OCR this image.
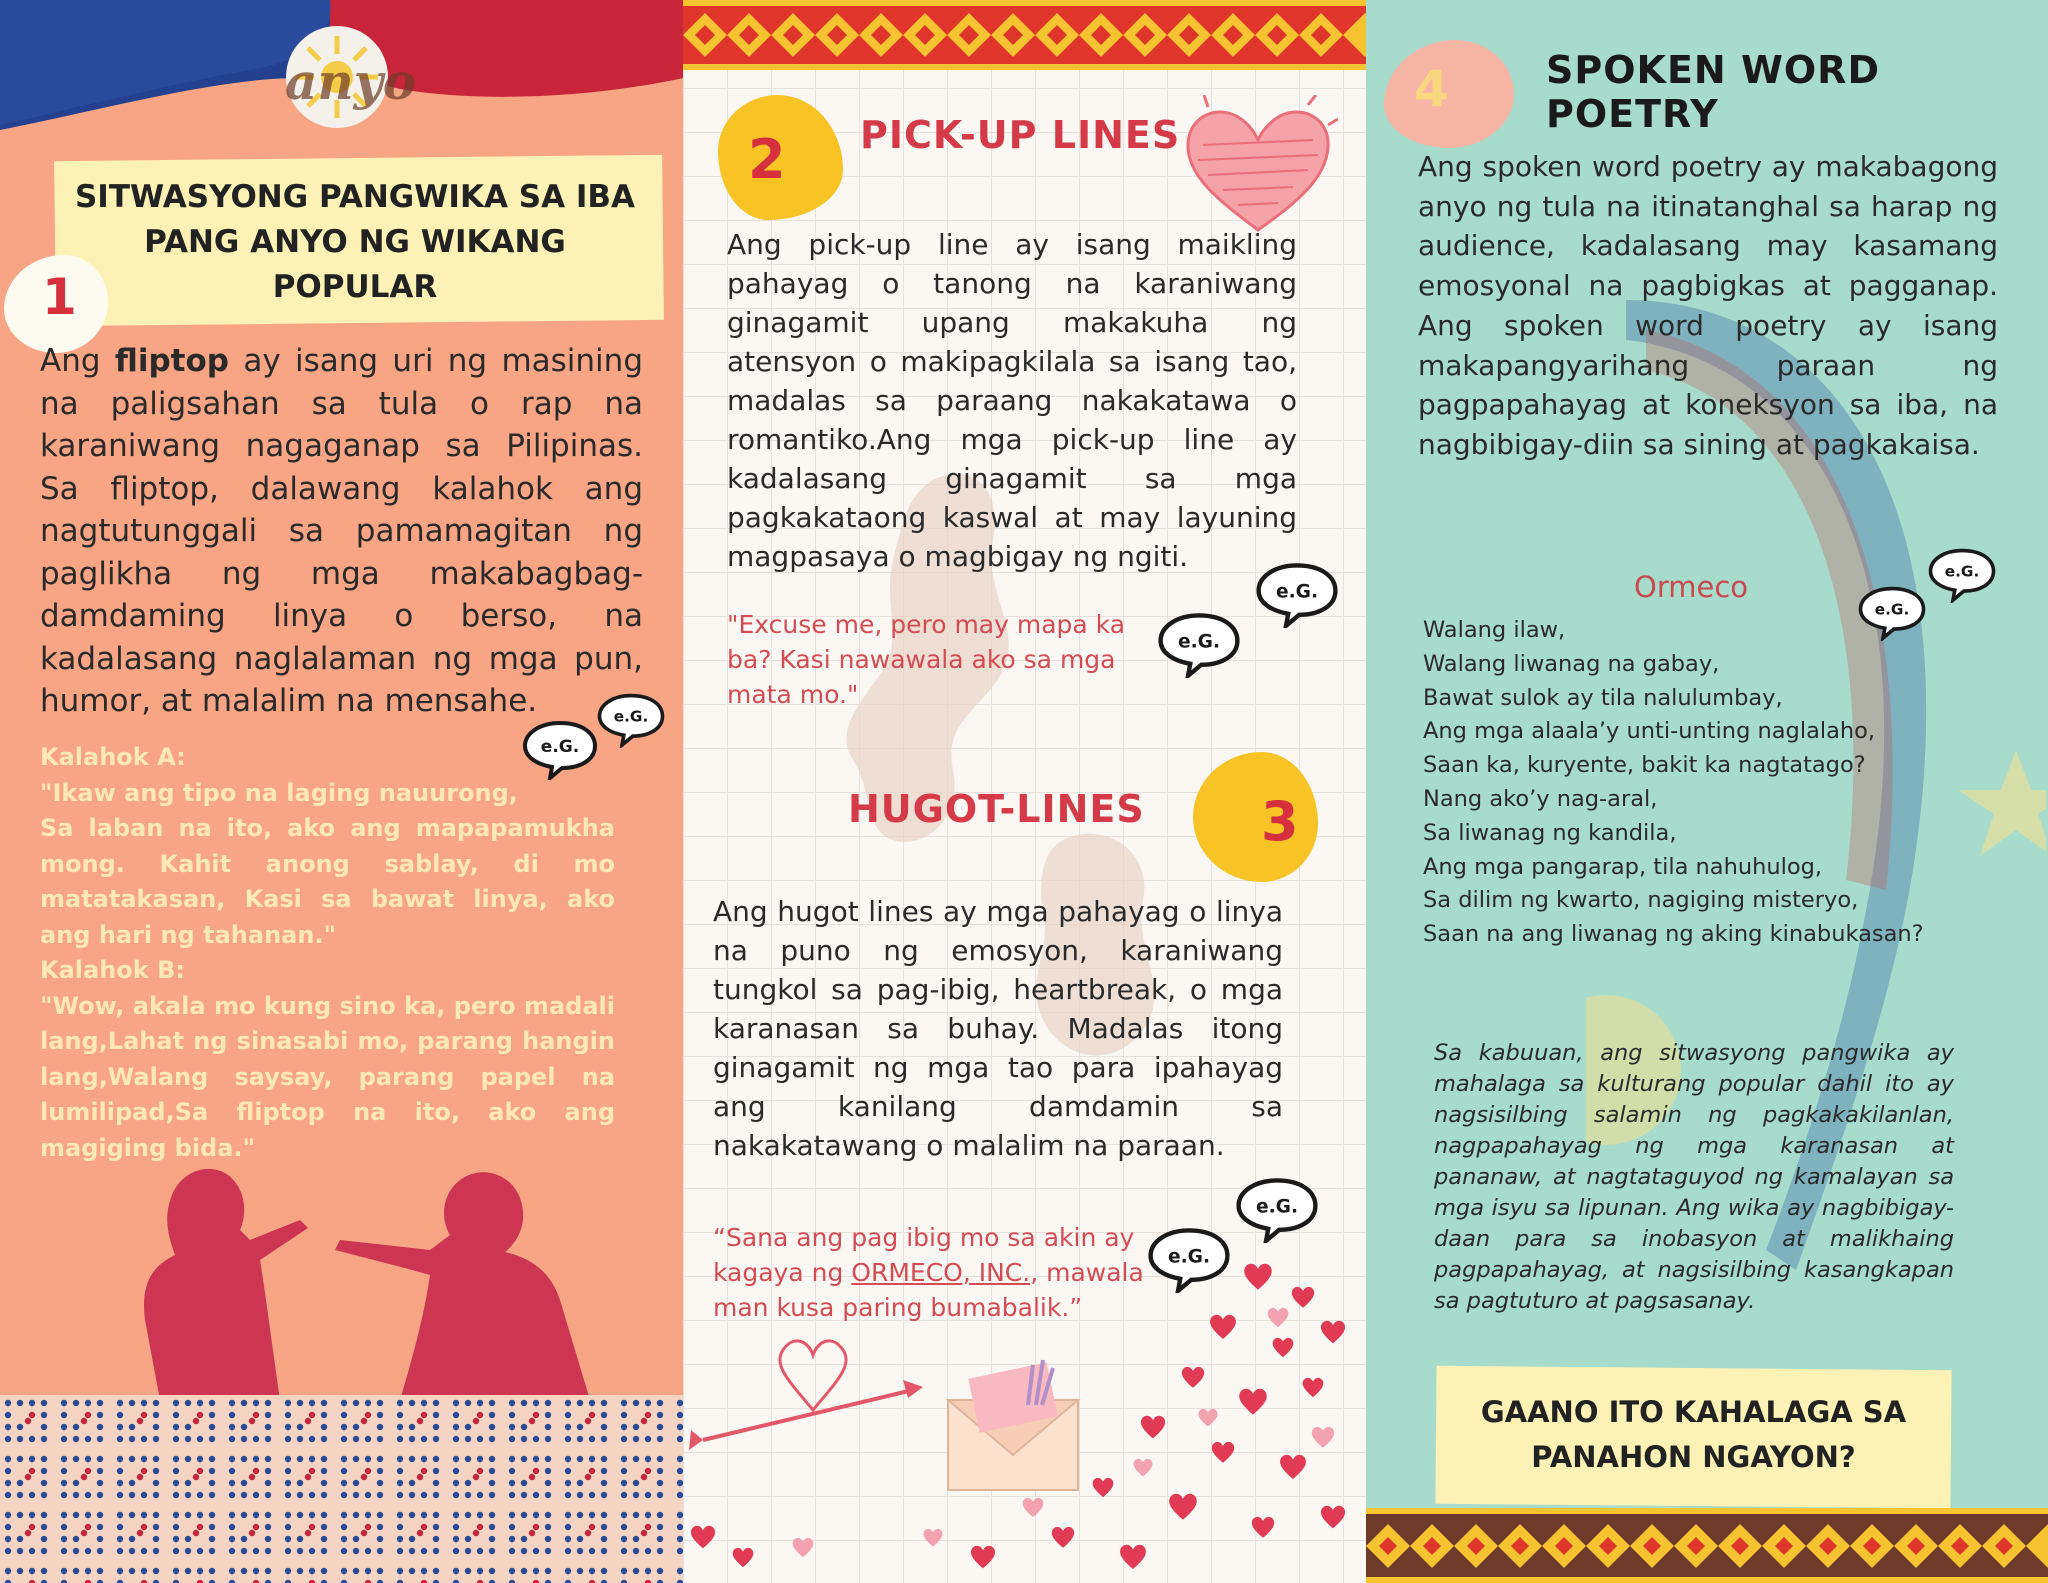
anyo
SITWASYONG PANGWIKA SA IBA PANG ANYO NG WIKANG POPULAR
1

Ang fliptop ay isang uri ng masining na paligsahan sa tula o rap na karaniwang nagaganap sa Pilipinas. Sa fliptop, dalawang kalahok ang nagtutunggali sa pamamagitan ng paglikha ng mga makabagbag-damdaming linya o berso, na kadalasang naglalaman ng mga pun, humor, at malalim na mensahe.

e.G.
e.G.
Kalahok A:
"Ikaw ang tipo na laging nauurong,
Sa laban na ito, ako ang mapapamukha mong. Kahit anong sablay, di mo matatakasan, Kasi sa bawat linya, ako ang hari ng tahanan."
Kalahok B:
"Wow, akala mo kung sino ka, pero madali lang,Lahat ng sinasabi mo, parang hangin lang,Walang saysay, parang papel na lumilipad,Sa fliptop na ito, ako ang magiging bida."
2 PICK-UP LINES

Ang pick-up line ay isang maikling pahayag o tanong na karaniwang ginagamit upang makakuha ng atensyon o makipagkilala sa isang tao, madalas sa paraang nakakatawa o romantiko.Ang mga pick-up line ay kadalasang ginagamit sa mga pagkakataong kaswal at may layuning magpasaya o magbigay ng ngiti.

e.G.
e.G.

"Excuse me, pero may mapa ka ba? Kasi nawawala ako sa mga mata mo."

HUGOT-LINES 3

Ang hugot lines ay mga pahayag o linya na puno ng emosyon, karaniwang tungkol sa pag-ibig, heartbreak, o mga karanasan sa buhay. Madalas itong ginagamit ng mga tao para ipahayag ang kanilang damdamin sa nakakatawang o malalim na paraan.

e.G.
e.G.

“Sana ang pag ibig mo sa akin ay kagaya ng ORMECO, INC., mawala man kusa paring bumabalik.”

4	SPOKEN WORD POETRY

Ang spoken word poetry ay makabagong anyo ng tula na itinatanghal sa harap ng audience, kadalasang may kasamang emosyonal na pagbigkas at pagganap. Ang spoken word poetry ay isang makapangyarihang paraan ng pagpapahayag at koneksyon sa iba, na nagbibigay-diin sa sining at pagkakaisa.

e.G.
e.G.
Ormeco
Walang ilaw,
Walang liwanag na gabay,
Bawat sulok ay tila nalulumbay,
Ang mga alaala’y unti-unting naglalaho,
Saan ka, kuryente, bakit ka nagtatago?
Nang ako’y nag-aral,
Sa liwanag ng kandila,
Ang mga pangarap, tila nahuhulog,
Sa dilim ng kwarto, nagiging misteryo,
Saan na ang liwanag ng aking kinabukasan?

Sa kabuuan, ang sitwasyong pangwika ay mahalaga sa kulturang popular dahil ito ay nagsisilbing salamin ng pagkakakilanlan, nagpapahayag ng mga karanasan at pananaw, at nagtataguyod ng kamalayan sa mga isyu sa lipunan. Ang wika ay nagbibigay-daan para sa inobasyon at malikhaing pagpapahayag, at nagsisilbing kasangkapan sa pagtuturo at pagsasanay.

GAANO ITO KAHALAGA SA PANAHON NGAYON?
